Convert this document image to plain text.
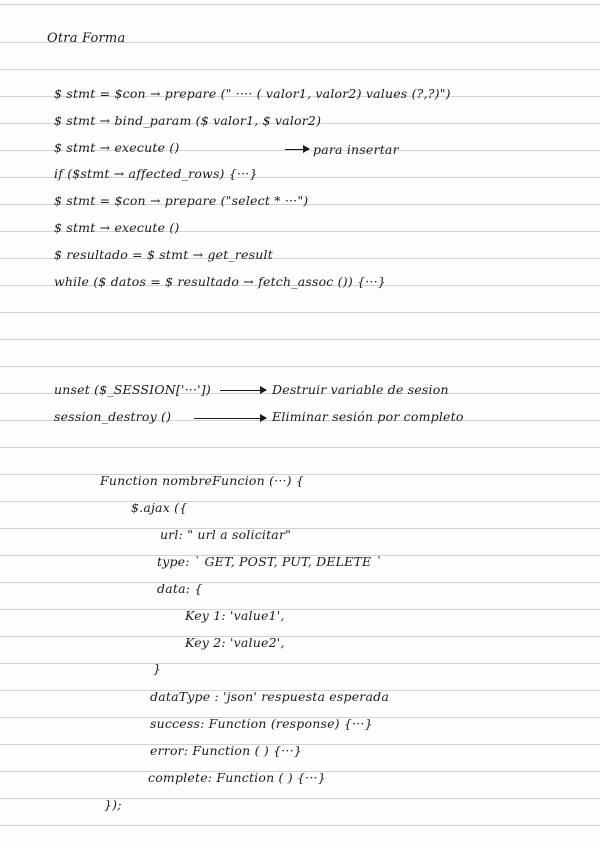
Otra Forma
$ stmt = $con → prepare (" ···· ( valor1, valor2) values (?,?)")
$ stmt → bind_param ($ valor1, $ valor2)
$ stmt → execute ()	para insertar
if ($stmt → affected_rows) {···}
$ stmt = $con → prepare ("select * ···")
$ stmt → execute ()
$ resultado = $ stmt → get_result
while ($ datos = $ resultado → fetch_assoc ()) {···}
unset ($_SESSION['···'])	Destruir variable de sesion
session_destroy ()	Eliminar sesión por completo
Function nombreFuncion (···) {
$.ajax ({
url: " url a solicitar"
type: ` GET, POST, PUT, DELETE `
data: {
Key 1: 'value1',
Key 2: 'value2',
}
dataType : 'json' respuesta esperada
success: Function (response) {···}
error: Function ( ) {···}
complete: Function ( ) {···}
});
